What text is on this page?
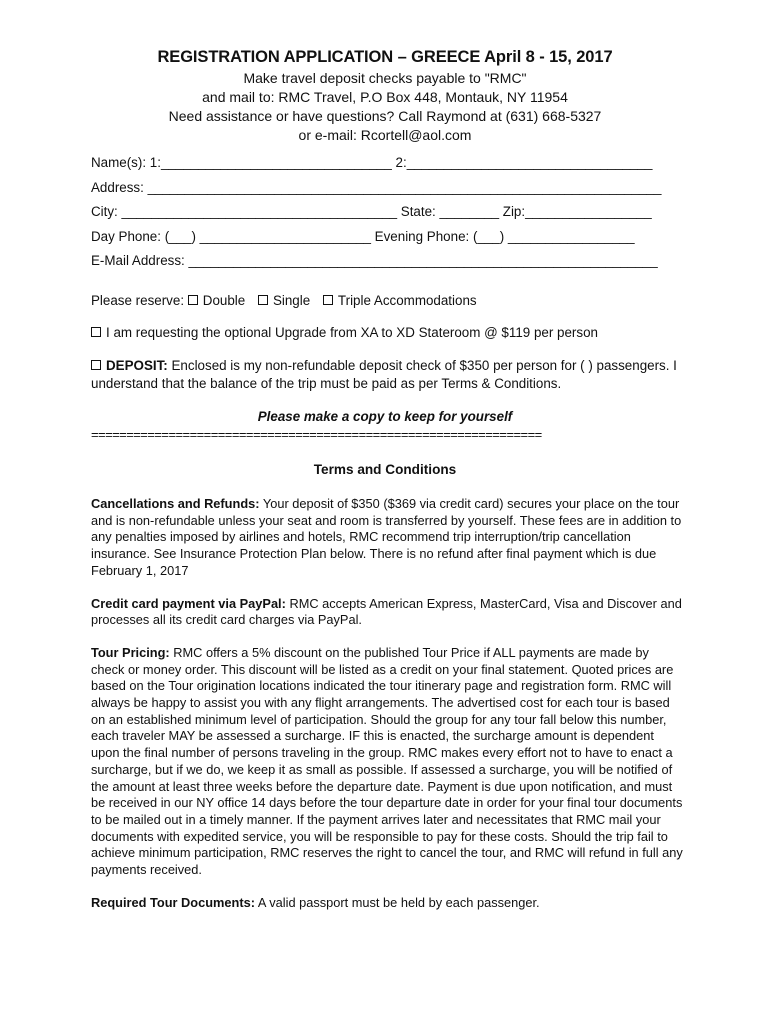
REGISTRATION APPLICATION – GREECE April 8 - 15, 2017
Make travel deposit checks payable to "RMC"
and mail to: RMC Travel, P.O Box 448, Montauk, NY 11954
Need assistance or have questions? Call Raymond at (631) 668-5327
or e-mail: Rcortell@aol.com
Name(s): 1:_______________________________ 2:_________________________________
Address: _____________________________________________________________________
City: _____________________________________ State: ________ Zip:_________________
Day Phone: (___) _______________________ Evening Phone: (___) _________________
E-Mail Address: _______________________________________________________________
Please reserve: Double Single Triple Accommodations
I am requesting the optional Upgrade from XA to XD Stateroom @ $119 per person
DEPOSIT: Enclosed is my non-refundable deposit check of $350 per person for ( ) passengers. I understand that the balance of the trip must be paid as per Terms & Conditions.
Please make a copy to keep for yourself
================================================================
Terms and Conditions

Cancellations and Refunds: Your deposit of $350 ($369 via credit card) secures your place on the tour and is non-refundable unless your seat and room is transferred by yourself. These fees are in addition to any penalties imposed by airlines and hotels, RMC recommend trip interruption/trip cancellation insurance. See Insurance Protection Plan below. There is no refund after final payment which is due February 1, 2017

Credit card payment via PayPal: RMC accepts American Express, MasterCard, Visa and Discover and processes all its credit card charges via PayPal.

Tour Pricing: RMC offers a 5% discount on the published Tour Price if ALL payments are made by check or money order. This discount will be listed as a credit on your final statement. Quoted prices are based on the Tour origination locations indicated the tour itinerary page and registration form. RMC will always be happy to assist you with any flight arrangements. The advertised cost for each tour is based on an established minimum level of participation. Should the group for any tour fall below this number, each traveler MAY be assessed a surcharge. IF this is enacted, the surcharge amount is dependent upon the final number of persons traveling in the group. RMC makes every effort not to have to enact a surcharge, but if we do, we keep it as small as possible. If assessed a surcharge, you will be notified of the amount at least three weeks before the departure date. Payment is due upon notification, and must be received in our NY office 14 days before the tour departure date in order for your final tour documents to be mailed out in a timely manner. If the payment arrives later and necessitates that RMC mail your documents with expedited service, you will be responsible to pay for these costs. Should the trip fail to achieve minimum participation, RMC reserves the right to cancel the tour, and RMC will refund in full any payments received.

Required Tour Documents: A valid passport must be held by each passenger.
